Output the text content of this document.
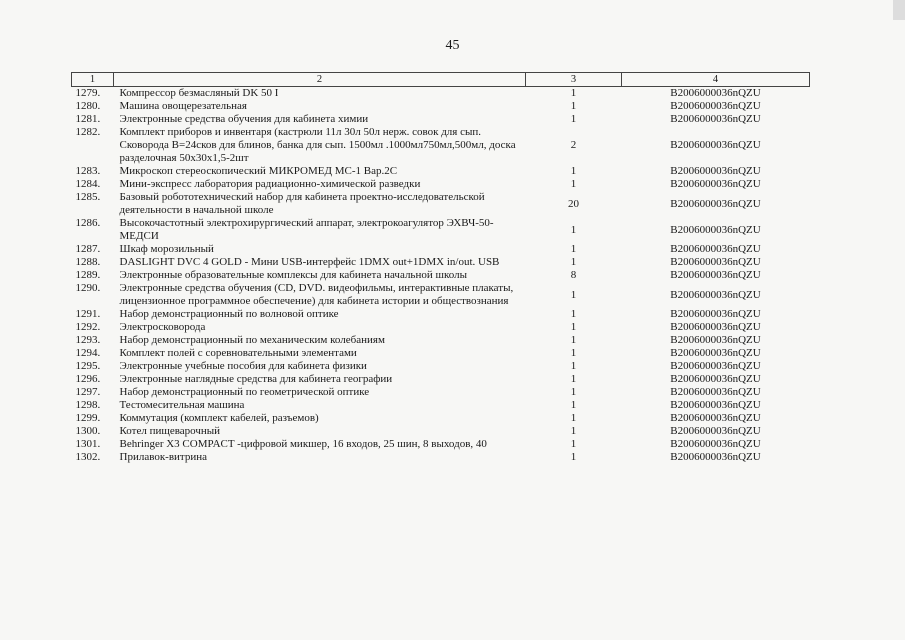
45
1	2	3	4
1279.	Компрессор безмасляный DK 50 I	1	B2006000036nQZU
1280.	Машина овощерезательная	1	B2006000036nQZU
1281.	Электронные средства обучения для кабинета химии	1	B2006000036nQZU
1282.	Комплект приборов и инвентаря (кастрюли 11л 30л 50л нерж. совок для сып. Сковорода В=24сков для блинов, банка для сып. 1500мл .1000мл750мл,500мл, доска разделочная 50x30x1,5-2шт	2	B2006000036nQZU
1283.	Микроскоп стереоскопический МИКРОМЕД МС-1 Вар.2С	1	B2006000036nQZU
1284.	Мини-экспресс лаборатория радиационно-химической разведки	1	B2006000036nQZU
1285.	Базовый робототехнический набор для кабинета проектно-исследовательской деятельности в начальной школе	20	B2006000036nQZU
1286.	Высокочастотный электрохирургический аппарат, электрокоагулятор ЭХВЧ-50-МЕДСИ	1	B2006000036nQZU
1287.	Шкаф морозильный	1	B2006000036nQZU
1288.	DASLIGHT DVC 4 GOLD - Мини USB-интерфейс 1DMX out+1DMX in/out. USB	1	B2006000036nQZU
1289.	Электронные образовательные комплексы для кабинета начальной школы	8	B2006000036nQZU
1290.	Электронные средства обучения (CD, DVD. видеофильмы, интерактивные плакаты, лицензионное программное обеспечение) для кабинета истории и обществознания	1	B2006000036nQZU
1291.	Набор демонстрационный по волновой оптике	1	B2006000036nQZU
1292.	Электросковорода	1	B2006000036nQZU
1293.	Набор демонстрационный по механическим колебаниям	1	B2006000036nQZU
1294.	Комплект полей с соревновательными элементами	1	B2006000036nQZU
1295.	Электронные учебные пособия для кабинета физики	1	B2006000036nQZU
1296.	Электронные наглядные средства для кабинета географии	1	B2006000036nQZU
1297.	Набор демонстрационный по геометрической оптике	1	B2006000036nQZU
1298.	Тестомесительная машина	1	B2006000036nQZU
1299.	Коммутация (комплект кабелей, разъемов)	1	B2006000036nQZU
1300.	Котел пищеварочный	1	B2006000036nQZU
1301.	Behringer X3 COMPACT -цифровой микшер, 16 входов, 25 шин, 8 выходов, 40	1	B2006000036nQZU
1302.	Прилавок-витрина	1	B2006000036nQZU
